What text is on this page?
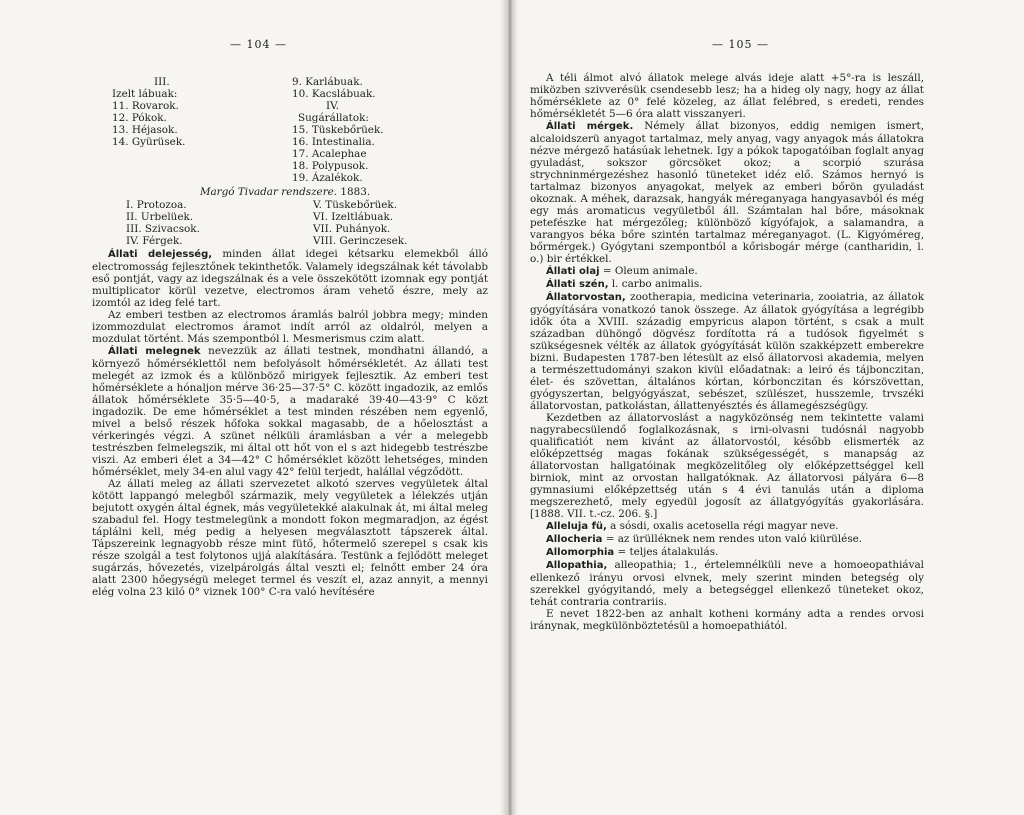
— 104 —
III.
Izelt lábuak:
11. Rovarok.
12. Pókok.
13. Héjasok.
14. Gyürüsek.
9. Karlábuak.
10. Kacslábuak.
IV.
Sugárállatok:
15. Tüskebőrüek.
16. Intestinalia.
17. Acalephae
18. Polypusok.
19. Ázalékok.
Margó Tivadar rendszere. 1883.
I. Protozoa.
II. Urbelüek.
III. Szivacsok.
IV. Férgek.
V. Tüskebőrüek.
VI. Izeltlábuak.
VII. Puhányok.
VIII. Gerinczesek.

Állati delejesség, minden állat idegei kétsarku elemekből álló electromosság fejlesztőnek tekinthetők. Valamely idegszálnak két távolabb eső pontját, vagy az idegszálnak és a vele összekötött izomnak egy pontját multiplicator körül vezetve, electromos áram vehető észre, mely az izomtól az ideg felé tart.

Az emberi testben az electromos áramlás balról jobbra megy; minden izommozdulat electromos áramot indít arról az oldalról, melyen a mozdulat történt. Más szempontból l. Mesmerismus czim alatt.

Állati melegnek nevezzük az állati testnek, mondhatni állandó, a környező hőmérséklettől nem befolyásolt hőmérsékletét. Az állati test melegét az izmok és a különböző mirigyek fejlesztik. Az emberi test hőmérséklete a hónaljon mérve 36·25—37·5° C. között ingadozik, az emlős állatok hőmérséklete 35·5—40·5, a madaraké 39·40—43·9° C közt ingadozik. De eme hőmérséklet a test minden részében nem egyenlő, mivel a belső részek hőfoka sokkal magasabb, de a hőelosztást a vérkeringés végzi. A szünet nélküli áramlásban a vér a melegebb testrészben felmelegszik, mi által ott hőt von el s azt hidegebb testrészbe viszi. Az emberi élet a 34—42° C hőmérséklet között lehetséges, minden hőmérséklet, mely 34-en alul vagy 42° felül terjedt, halállal végződött.

Az állati meleg az állati szervezetet alkotó szerves vegyületek által kötött lappangó melegből származik, mely vegyületek a lélekzés utján bejutott oxygén által égnek, más vegyületekké alakulnak át, mi által meleg szabadul fel. Hogy testmelegünk a mondott fokon megmaradjon, az égést táplálni kell, még pedig a helyesen megválasztott tápszerek által. Tápszereink legnagyobb része mint fütő, hőtermelő szerepel s csak kis része szolgál a test folytonos ujjá alakítására. Testünk a fejlődött meleget sugárzás, hővezetés, vizelpárolgás által veszti el; felnőtt ember 24 óra alatt 2300 hőegységü meleget termel és veszít el, azaz annyit, a mennyi elég volna 23 kiló 0° viznek 100° C-ra való hevítésére

— 105 —

A téli álmot alvó állatok melege alvás ideje alatt +5°-ra is leszáll, miközben szivverésük csendesebb lesz; ha a hideg oly nagy, hogy az állat hőmérséklete az 0° felé közeleg, az állat felébred, s eredeti, rendes hőmérsékletét 5—6 óra alatt visszanyeri.

Állati mérgek. Némely állat bizonyos, eddig nemigen ismert, alcaloidszerü anyagot tartalmaz, mely anyag, vagy anyagok más állatokra nézve mérgező hatásúak lehetnek. Igy a pókok tapogatóiban foglalt anyag gyuladást, sokszor görcsöket okoz; a scorpió szurása strychninmérgezéshez hasonló tüneteket idéz elő. Számos hernyó is tartalmaz bizonyos anyagokat, melyek az emberi bőrön gyuladást okoznak. A méhek, darazsak, hangyák méreganyaga hangyasavból és még egy más aromaticus vegyületből áll. Számtalan hal bőre, másoknak petefészke hat mérgezőleg; különböző kígyófajok, a salamandra, a varangyos béka bőre szintén tartalmaz méreganyagot. (L. Kigyóméreg, bőrmérgek.) Gyógytani szempontból a kőrisbogár mérge (cantharidin, l. o.) bir értékkel.

Állati olaj = Oleum animale.

Állati szén, l. carbo animalis.

Állatorvostan, zootherapia, medicina veterinaria, zooiatria, az állatok gyógyítására vonatkozó tanok összege. Az állatok gyógyítása a legrégibb idők óta a XVIII. századig empyricus alapon történt, s csak a mult században dühöngő dögvész fordította rá a tudósok figyelmét s szükségesnek vélték az állatok gyógyítását külön szakképzett emberekre bizni. Budapesten 1787-ben létesült az első állatorvosi akademia, melyen a természettudományi szakon kivül előadatnak: a leiró és tájbonczitan, élet- és szövettan, általános kórtan, kórbonczitan és kórszövettan, gyógyszertan, belgyógyászat, sebészet, szülészet, husszemle, trvszéki állatorvostan, patkolástan, állattenyésztés és államegészségügy.

Kezdetben az állatorvoslást a nagyközönség nem tekintette valami nagyrabecsülendő foglalkozásnak, s irni-olvasni tudósnál nagyobb qualificatiót nem kivánt az állatorvostól, később elismerték az előképzettség magas fokának szükségességét, s manapság az állatorvostan hallgatóinak megközelitőleg oly előképzettséggel kell birniok, mint az orvostan hallgatóknak. Az állatorvosi pályára 6—8 gymnasiumi előképzettség után s 4 évi tanulás után a diploma megszerezhető, mely egyedül jogosít az állatgyógyítás gyakorlására. [1888. VII. t.-cz. 206. §.]

Alleluja fü, a sósdi, oxalis acetosella régi magyar neve.

Allocheria = az ürülléknek nem rendes uton való kiürülése.

Allomorphia = teljes átalakulás.

Allopathia, alleopathia; 1., értelemnélküli neve a homoeopathiával ellenkező irányu orvosi elvnek, mely szerint minden betegség oly szerekkel gyógyitandó, mely a betegséggel ellenkező tüneteket okoz, tehát contraria contrariis.

E nevet 1822-ben az anhalt kotheni kormány adta a rendes orvosi iránynak, megkülönböztetésül a homoepathiától.
